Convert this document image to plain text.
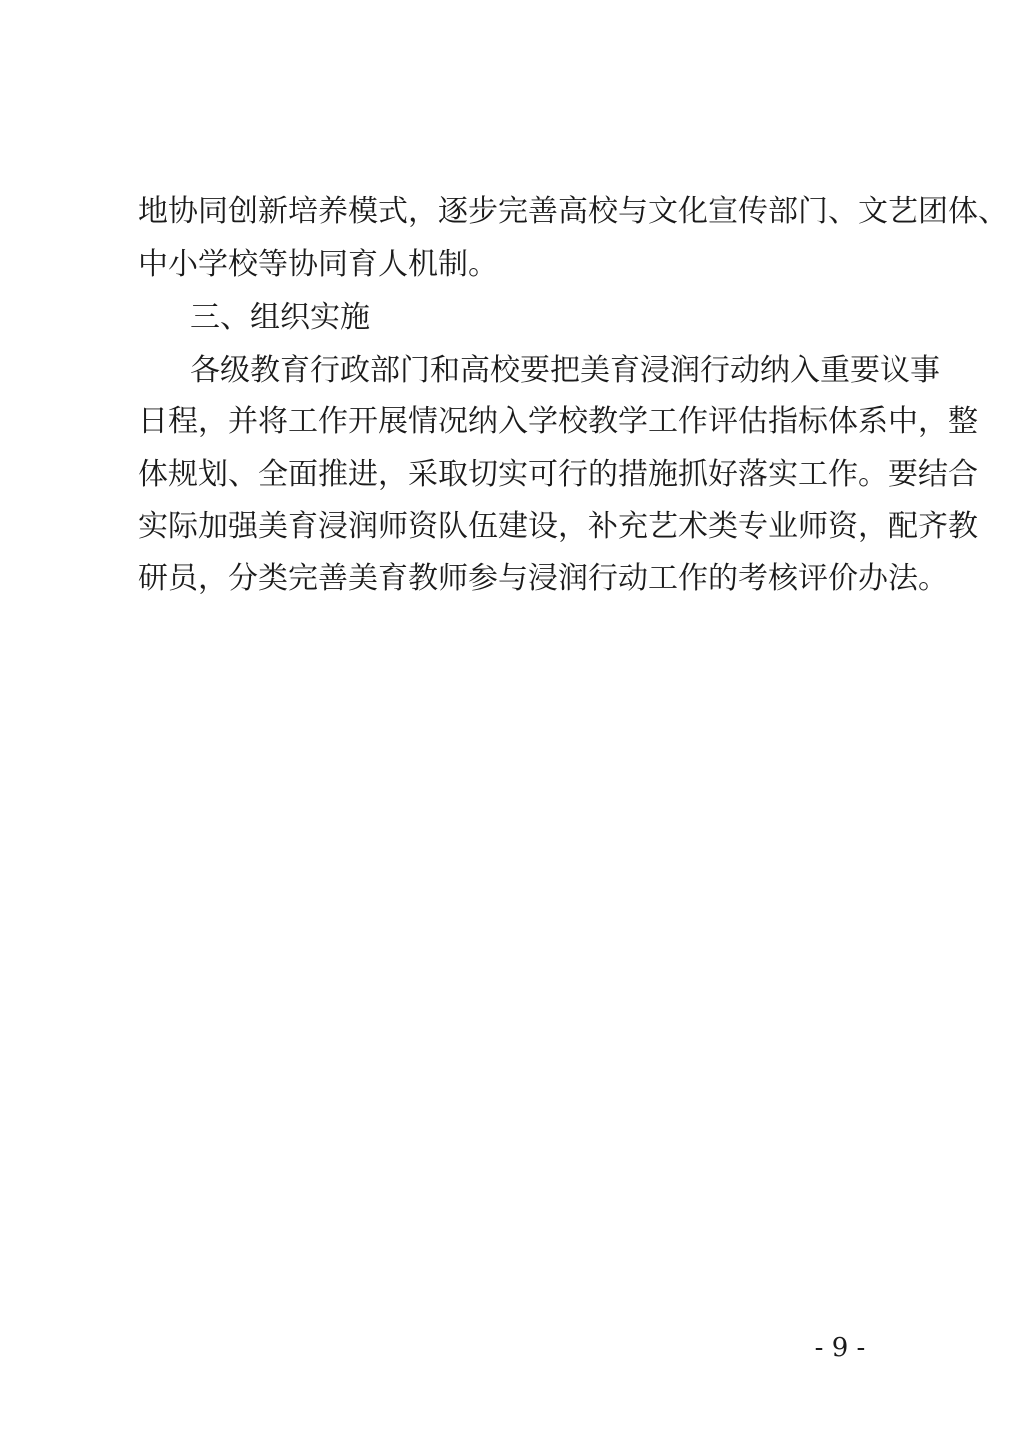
地协同创新培养模式，逐步完善高校与文化宣传部门、文艺团体、
中小学校等协同育人机制。
三、组织实施
各级教育行政部门和高校要把美育浸润行动纳入重要议事
日程，并将工作开展情况纳入学校教学工作评估指标体系中，整
体规划、全面推进，采取切实可行的措施抓好落实工作。要结合
实际加强美育浸润师资队伍建设，补充艺术类专业师资，配齐教
研员，分类完善美育教师参与浸润行动工作的考核评价办法。
- 9 -
